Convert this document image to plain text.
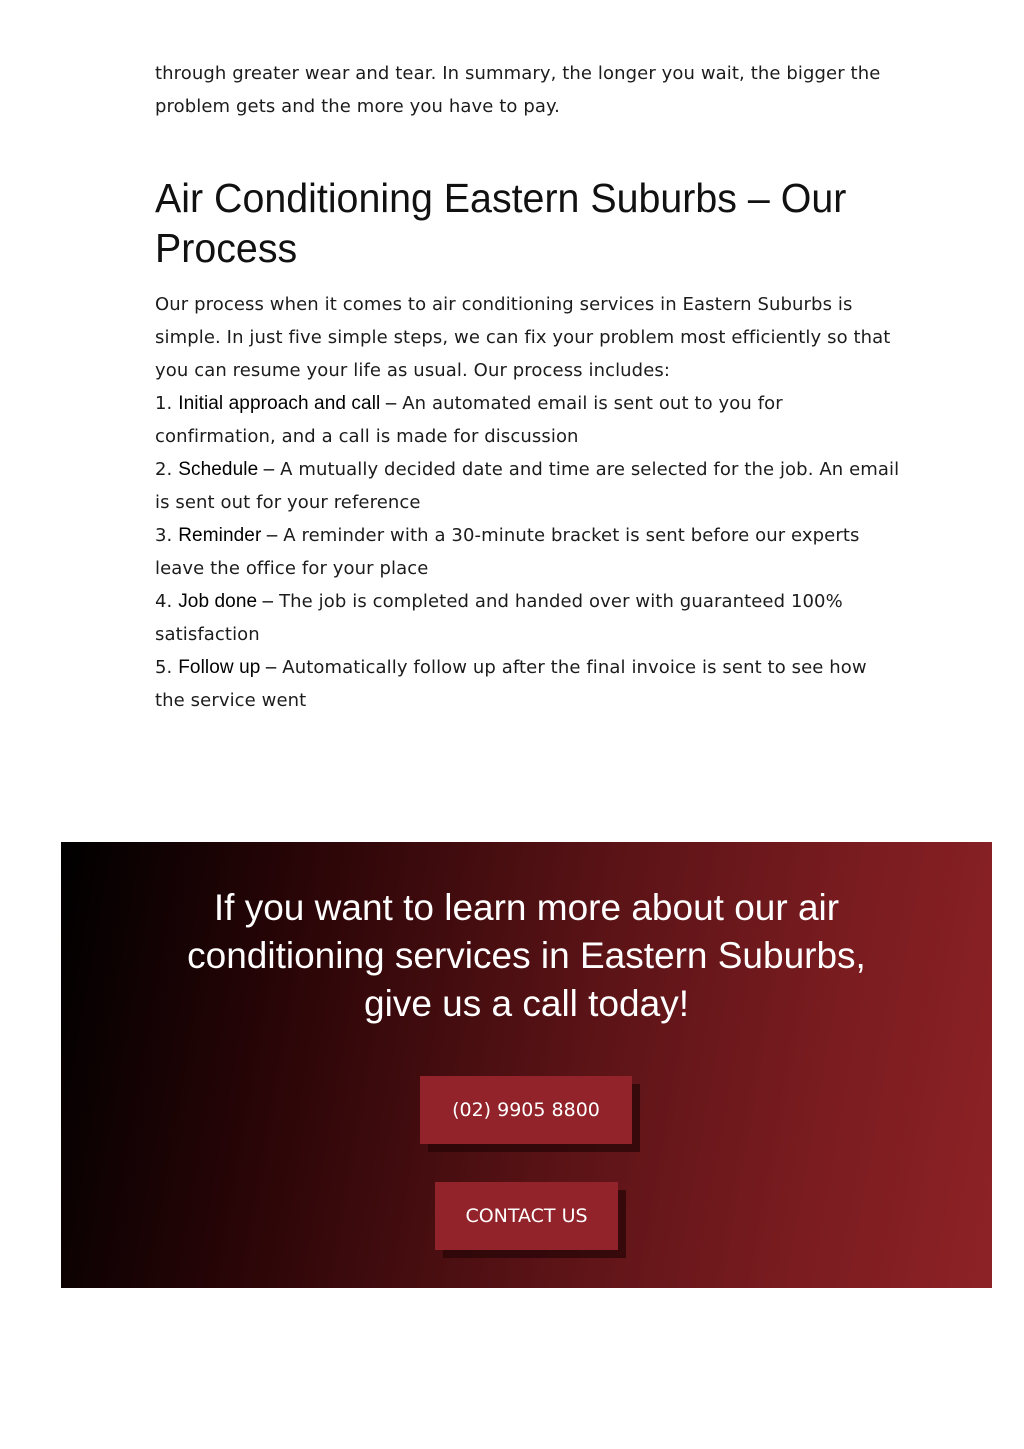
through greater wear and tear. In summary, the longer you wait, the bigger the problem gets and the more you have to pay.

Air Conditioning Eastern Suburbs – Our Process

Our process when it comes to air conditioning services in Eastern Suburbs is simple. In just five simple steps, we can fix your problem most efficiently so that you can resume your life as usual. Our process includes:

1. Initial approach and call – An automated email is sent out to you for confirmation, and a call is made for discussion

2. Schedule – A mutually decided date and time are selected for the job. An email is sent out for your reference

3. Reminder – A reminder with a 30-minute bracket is sent before our experts leave the office for your place

4. Job done – The job is completed and handed over with guaranteed 100% satisfaction

5. Follow up – Automatically follow up after the final invoice is sent to see how the service went

If you want to learn more about our air conditioning services in Eastern Suburbs, give us a call today!
(02) 9905 8800
CONTACT US
